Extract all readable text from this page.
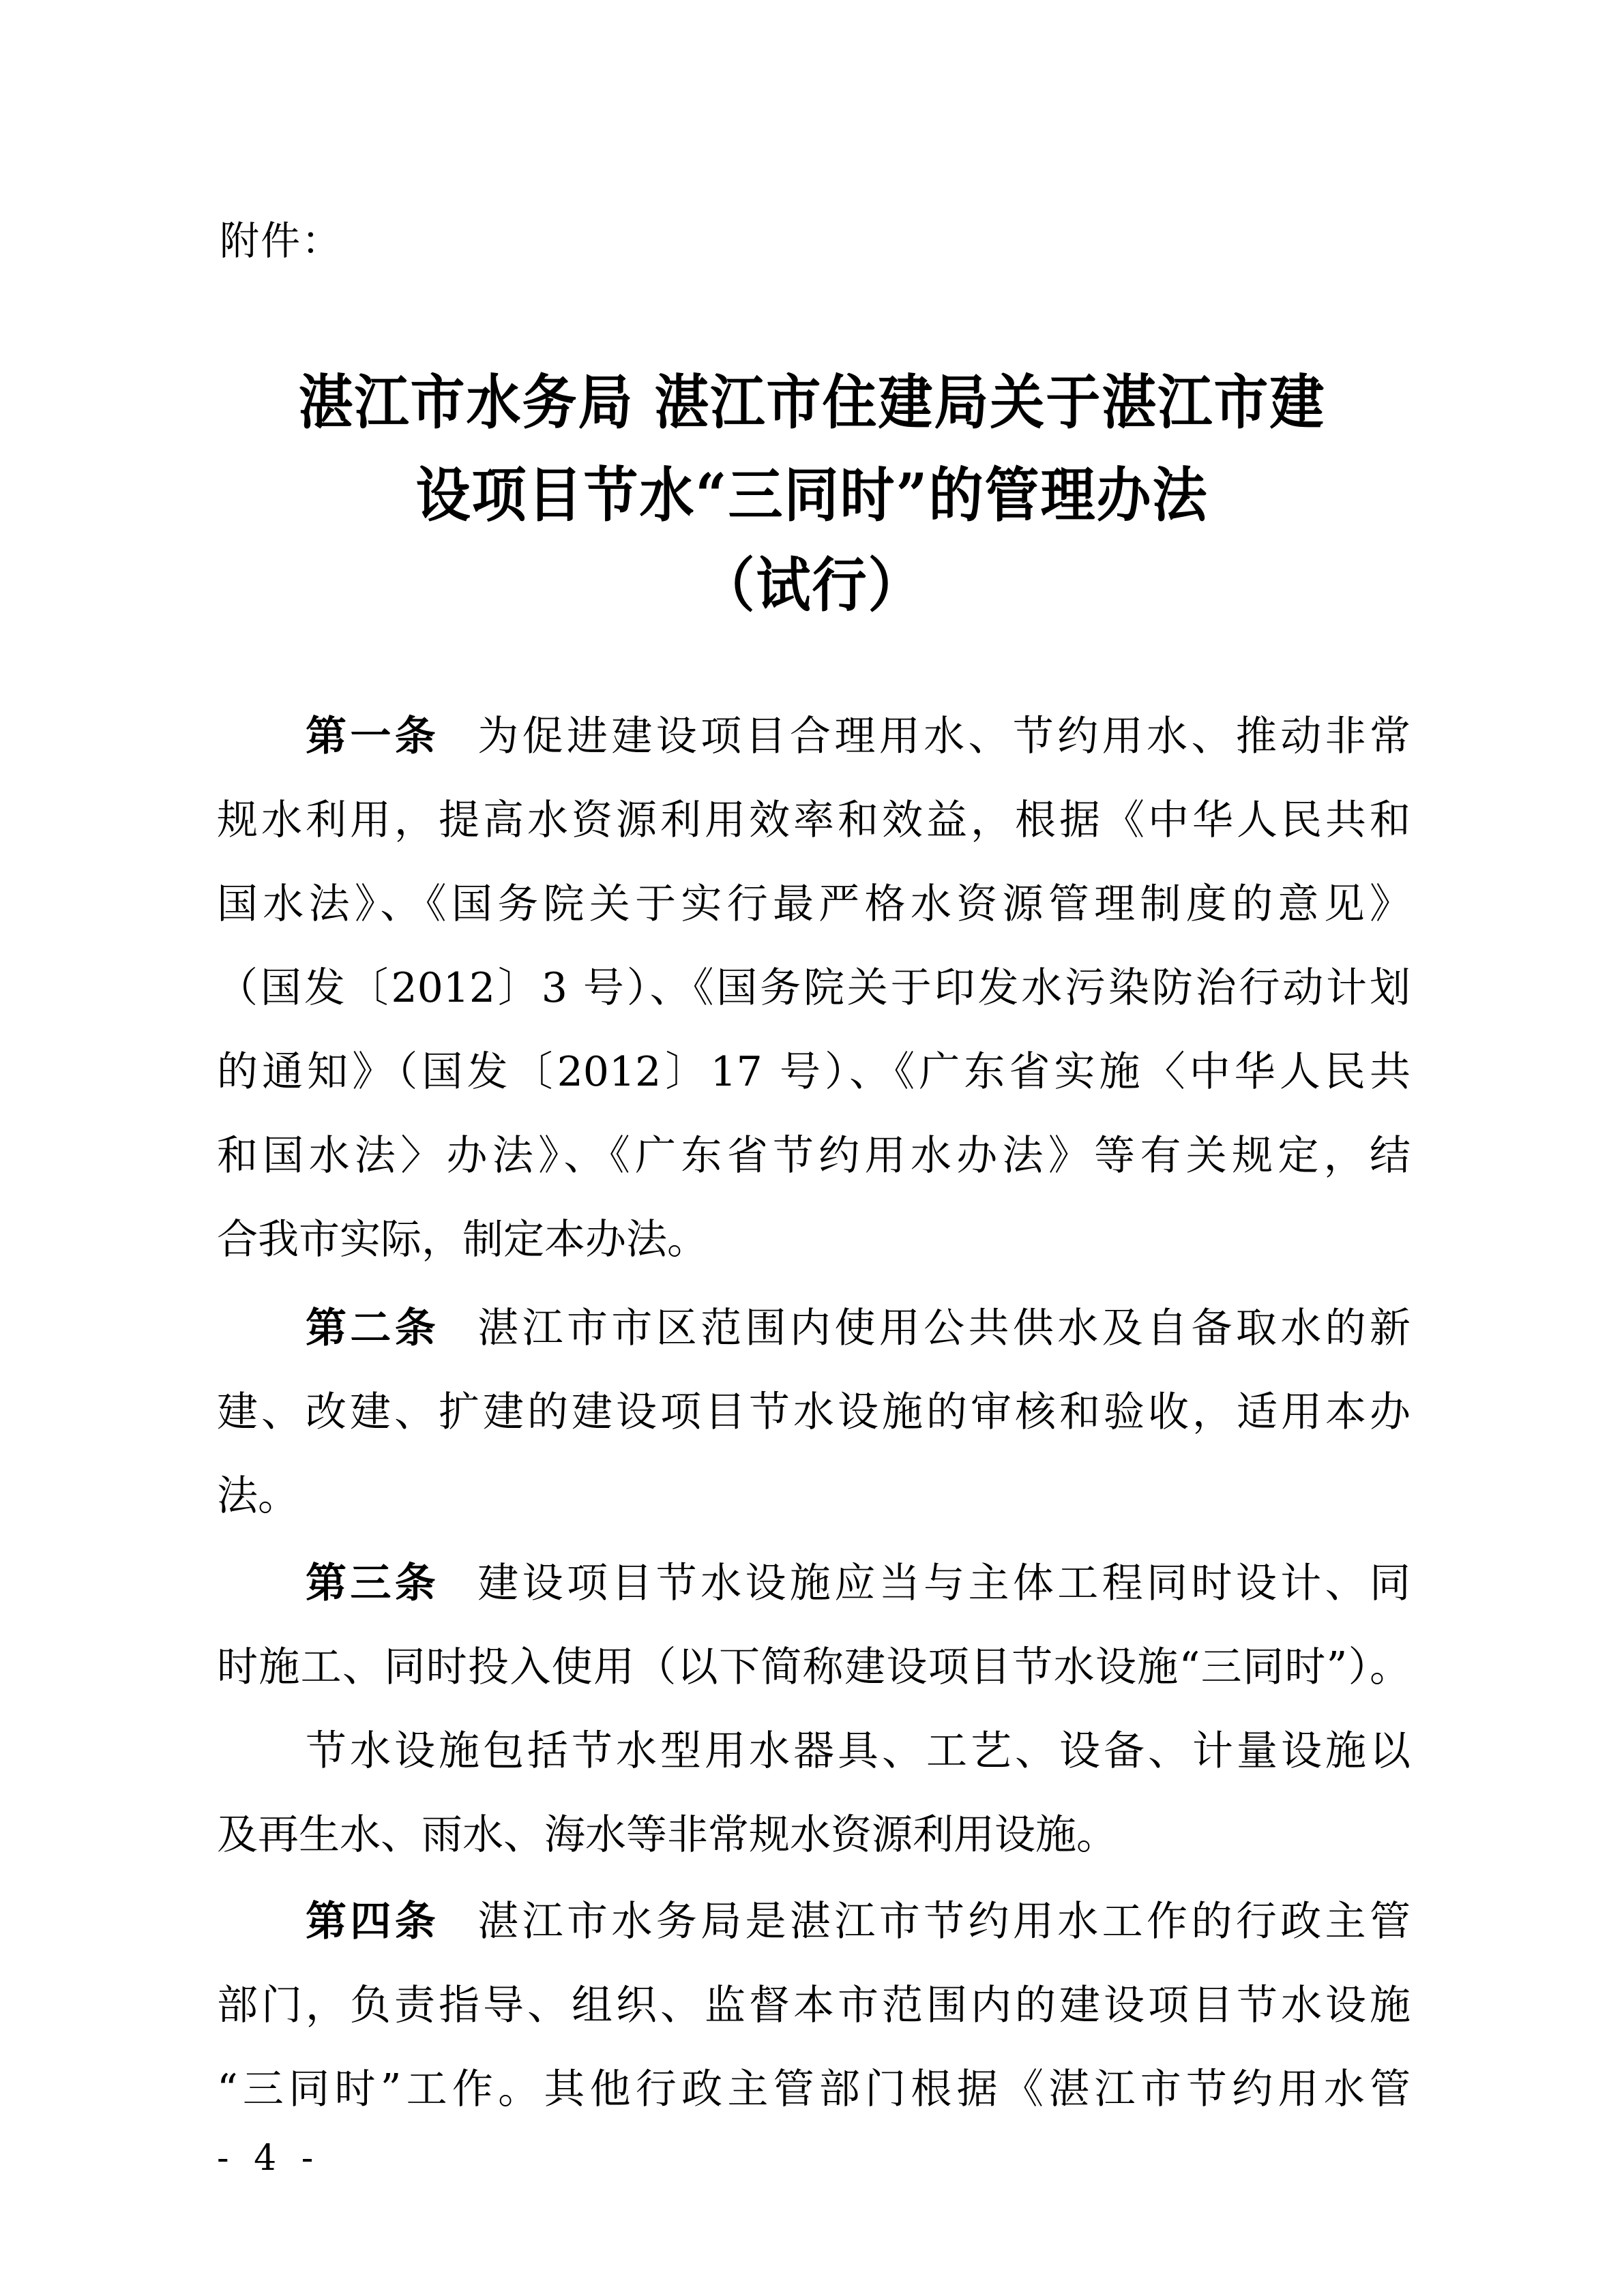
附件：
湛江市水务局 湛江市住建局关于湛江市建
设项目节水“三同时”的管理办法
（试行）
第一条 为促进建设项目合理用水、节约用水、推动非常
规水利用，提高水资源利用效率和效益，根据《中华人民共和
国水法》、《国务院关于实行最严格水资源管理制度的意见》
（国发〔2012〕3 号）、《国务院关于印发水污染防治行动计划
的通知》（国发〔2012〕17 号）、《广东省实施〈中华人民共
和国水法〉办法》、《广东省节约用水办法》等有关规定，结
合我市实际，制定本办法。
第二条 湛江市市区范围内使用公共供水及自备取水的新
建、改建、扩建的建设项目节水设施的审核和验收，适用本办
法。
第三条 建设项目节水设施应当与主体工程同时设计、同
时施工、同时投入使用（以下简称建设项目节水设施“三同时”）。
节水设施包括节水型用水器具、工艺、设备、计量设施以
及再生水、雨水、海水等非常规水资源利用设施。
第四条 湛江市水务局是湛江市节约用水工作的行政主管
部门，负责指导、组织、监督本市范围内的建设项目节水设施
“三同时”工作。其他行政主管部门根据《湛江市节约用水管
- 4 -
